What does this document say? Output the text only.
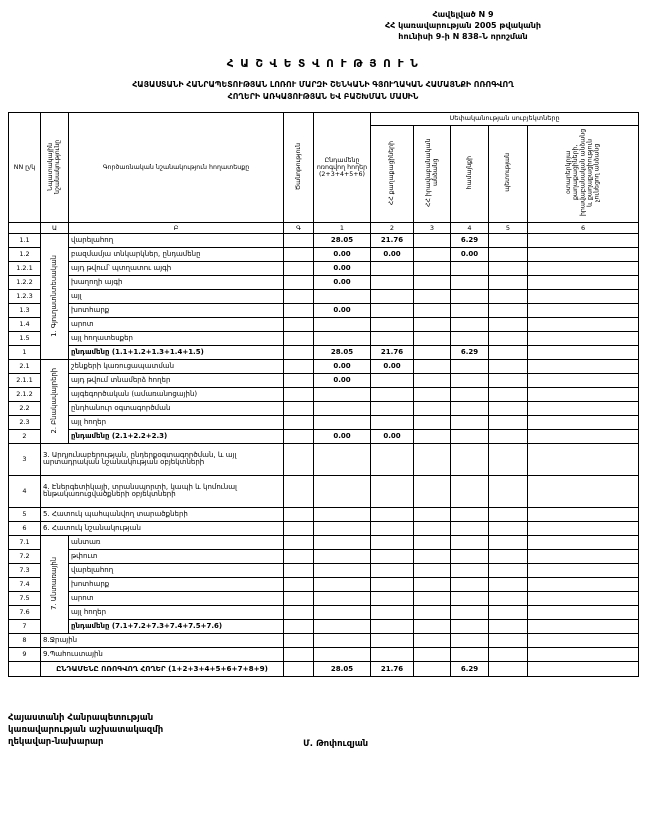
Հավելված N 9
ՀՀ կառավարության 2005 թվականի
հունիսի 9-ի N 838-Ն որոշման
Հ Ա Շ Վ Ե Տ Վ Ո Ւ Թ Յ Ո Ւ Ն
ՀԱՅԱՍՏԱՆԻ ՀԱՆՐԱՊԵՏՈՒԹՅԱՆ ԼՈՌՈՒ ՄԱՐԶԻ ՇԵՆԿԱՆԻ ԳՅՈՒՂԱԿԱՆ ՀԱՄԱՅՆՔԻ ՈՌՈԳՎՈՂ
ՀՈՂԵՐԻ ԱՌԿԱՅՈՒԹՅԱՆ ԵՎ ԲԱՇԽՄԱՆ ՄԱՍԻՆ
NN ը/կ	Նպատակային նշանակությունը	Գործառնական նշանակություն հողատեսքը	Ծանոթություն	Ընդամենը ոռոգվող հողեր (2+3+4+5+6)	Սեփականության սուբյեկտները				
					ՀՀ քաղաքացիների	ՀՀ իրավաբանական անձանց	համայնքի	պետության	օտարերկրյա քաղաքացիների, իրավաբանական անձանց և քաղաքացիություն չունեցող անձանց
	Ա	Բ	Գ	1	2	3	4	5	6
1.1	1. Գյուղատնտեսական	վարելահող		28.05	21.76		6.29		
1.2		բազմամյա տնկարկներ, ընդամենը		0.00	0.00		0.00		
1.2.1		այդ թվում՝ պտղատու այգի		0.00					
1.2.2		խաղողի այգի		0.00					
1.2.3		այլ							
1.3		խոտհարք		0.00					
1.4		արոտ							
1.5		այլ հողատեսքեր							
1		ընդամենը (1.1+1.2+1.3+1.4+1.5)		28.05	21.76		6.29		
2.1	2. Բնակավայրերի	շենքերի կառուցապատման		0.00	0.00				
2.1.1		այդ թվում տնամերձ հողեր		0.00					
2.1.2		այգեգործական (ամառանոցային)							
2.2		ընդհանուր օգտագործման							
2.3		այլ հողեր							
2		ընդամենը (2.1+2.2+2.3)		0.00	0.00				
3	3. Արդյունաբերության, ընդերքօգտագործման, և այլ արտադրական նշանակության օբյեկտների								
4	4. Էներգետիկայի, տրանսպորտի, կապի և կոմունալ ենթակառուցվածքների օբյեկտների								
5	5. Հատուկ պահպանվող տարածքների								
6	6. Հատուկ նշանակության								
7.1	7. Անտառային	անտառ							
7.2		թփուտ							
7.3		վարելահող							
7.4		խոտհարք							
7.5		արոտ							
7.6		այլ հողեր							
7		ընդամենը (7.1+7.2+7.3+7.4+7.5+7.6)							
8	8.Ջրային								
9	9.Պահուստային								
	ԸՆԴԱՄԵՆԸ ՈՌՈԳՎՈՂ ՀՈՂԵՐ (1+2+3+4+5+6+7+8+9)			28.05	21.76		6.29		
Հայաստանի Հանրապետության
կառավարության աշխատակազմի
ղեկավար-նախարար	Մ. Թոփուզյան
